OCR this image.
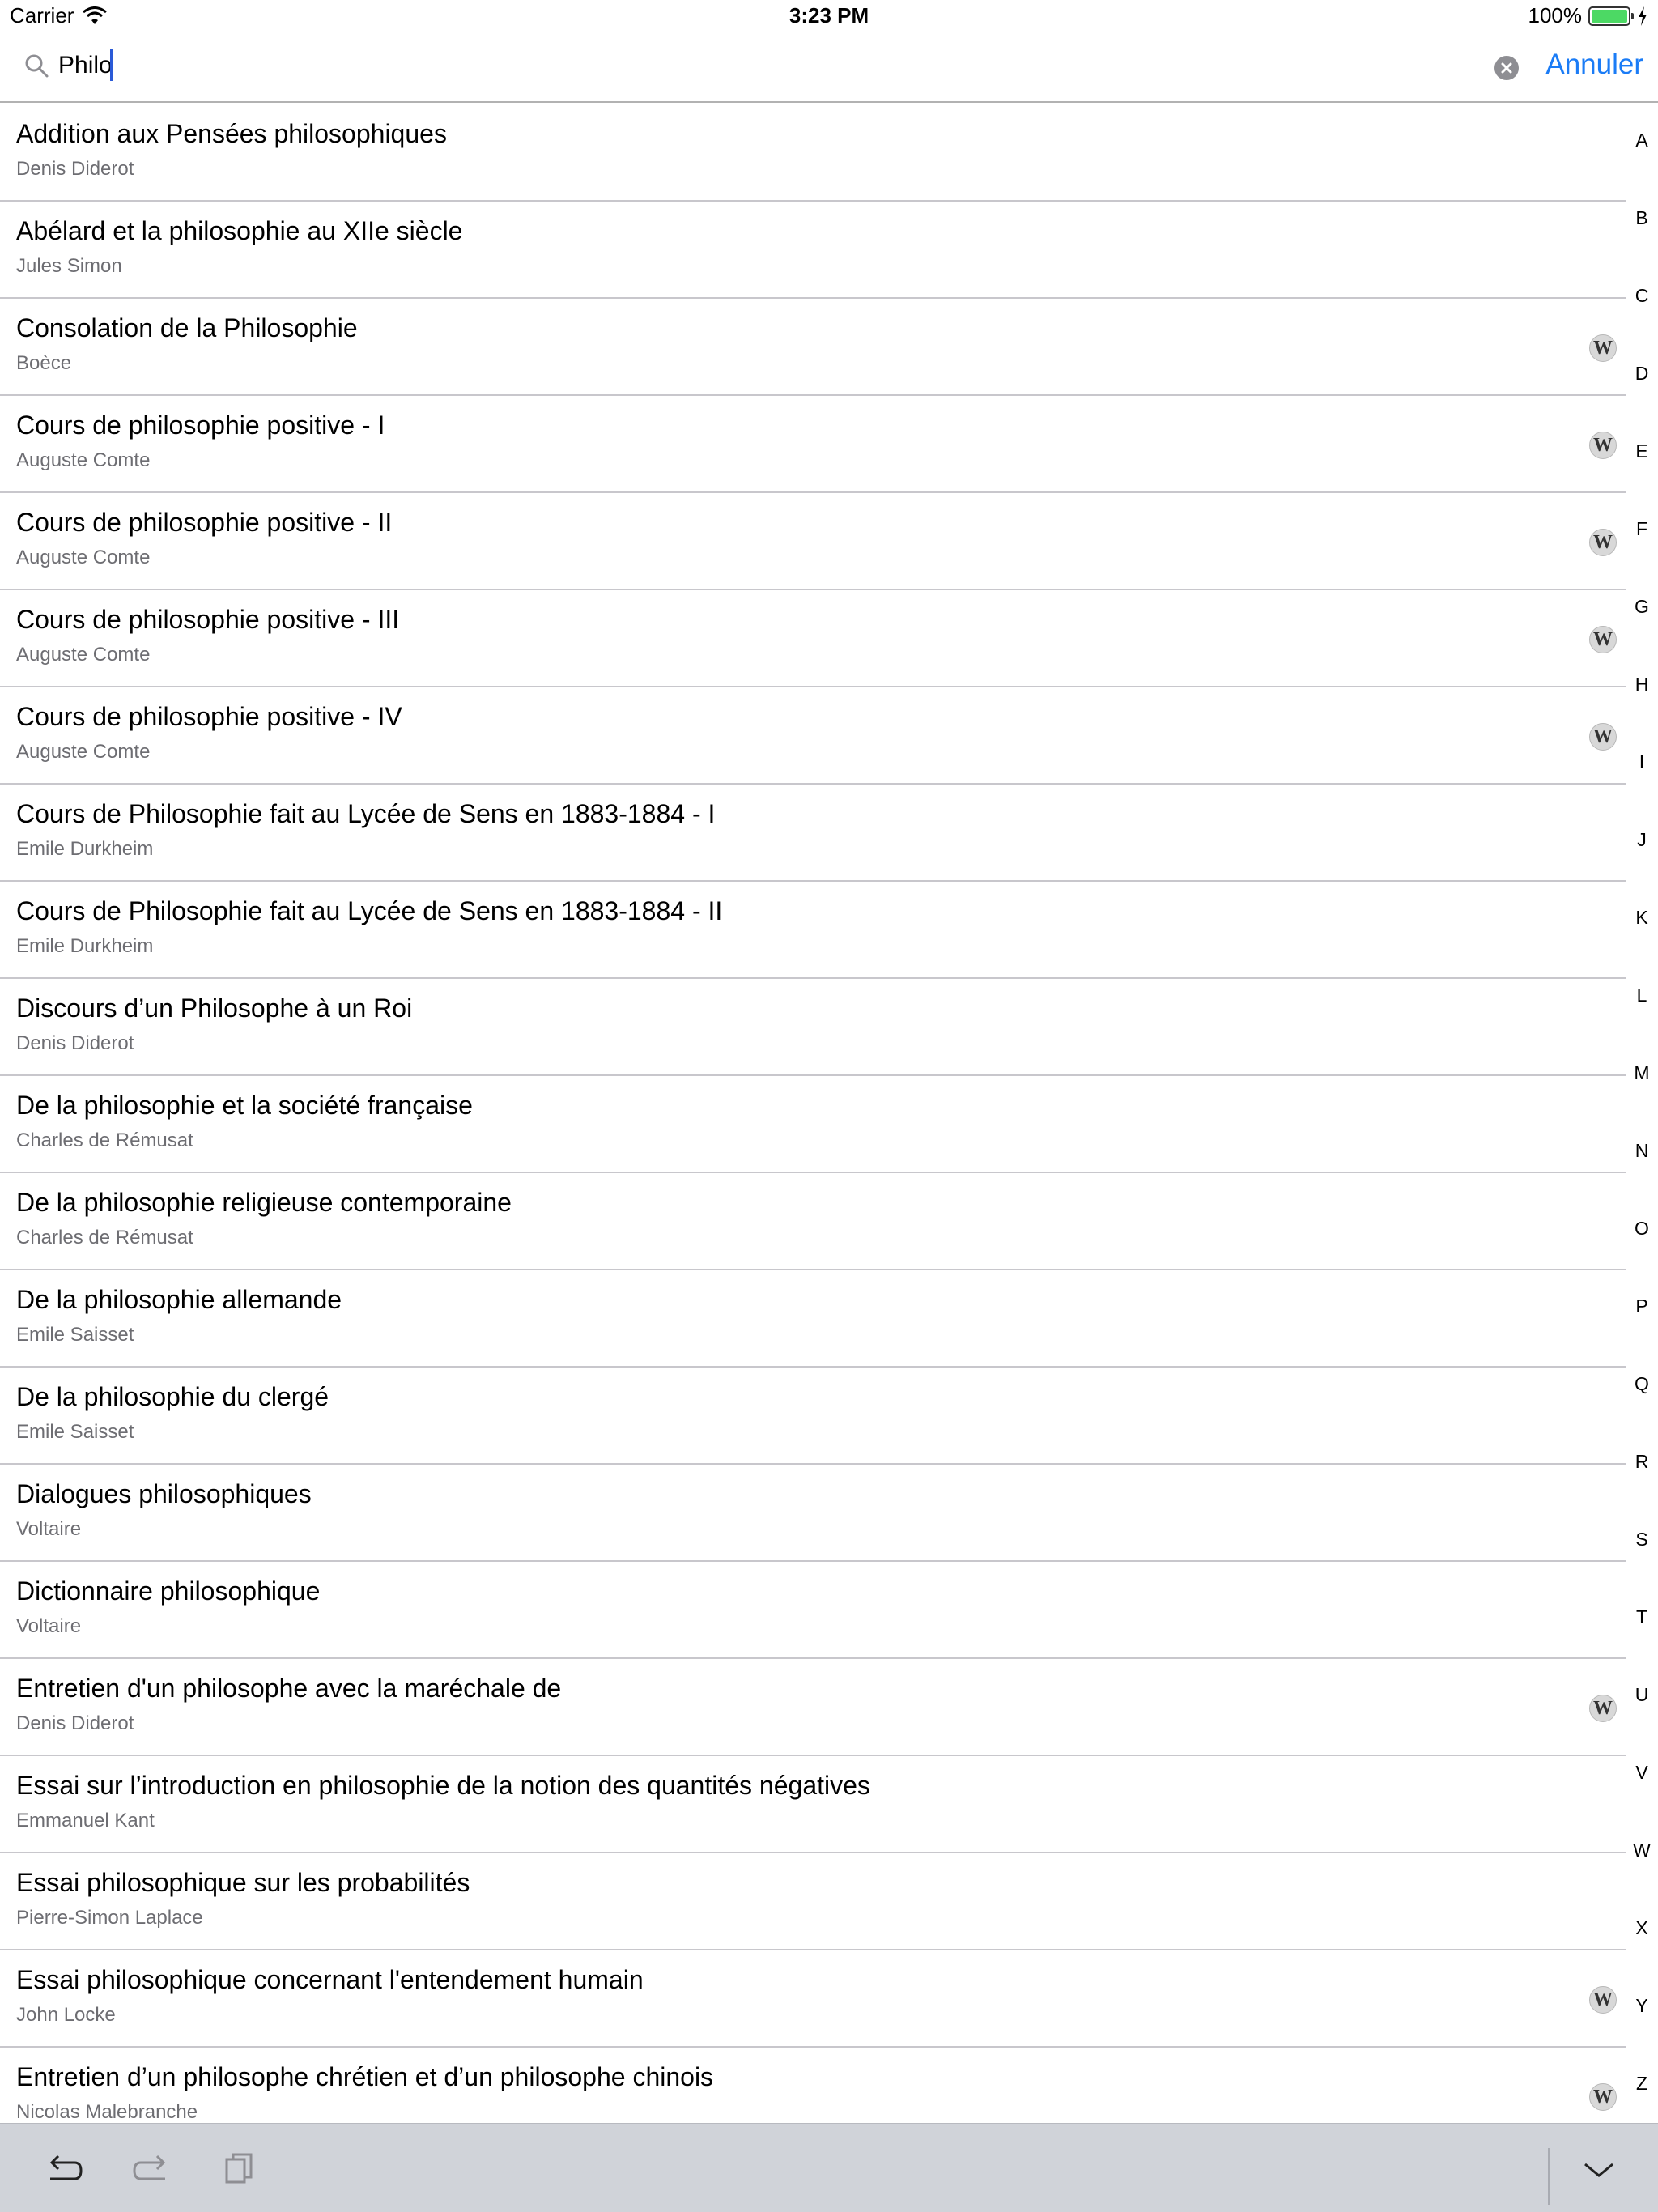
Carrier	3:23 PM	100%
Philo
Annuler
Addition aux Pensées philosophiques
Denis Diderot
Abélard et la philosophie au XIIe siècle
Jules Simon
Consolation de la Philosophie
Boèce
W
Cours de philosophie positive - I
Auguste Comte
W
Cours de philosophie positive - II
Auguste Comte
W
Cours de philosophie positive - III
Auguste Comte
W
Cours de philosophie positive - IV
Auguste Comte
W
Cours de Philosophie fait au Lycée de Sens en 1883-1884 - I
Emile Durkheim
Cours de Philosophie fait au Lycée de Sens en 1883-1884 - II
Emile Durkheim
Discours d’un Philosophe à un Roi
Denis Diderot
De la philosophie et la société française
Charles de Rémusat
De la philosophie religieuse contemporaine
Charles de Rémusat
De la philosophie allemande
Emile Saisset
De la philosophie du clergé
Emile Saisset
Dialogues philosophiques
Voltaire
Dictionnaire philosophique
Voltaire
Entretien d'un philosophe avec la maréchale de
Denis Diderot
W
Essai sur l’introduction en philosophie de la notion des quantités négatives
Emmanuel Kant
Essai philosophique sur les probabilités
Pierre-Simon Laplace
Essai philosophique concernant l'entendement humain
John Locke
W
Entretien d’un philosophe chrétien et d’un philosophe chinois
Nicolas Malebranche
W
A
B
C
D
E
F
G
H
I
J
K
L
M
N
O
P
Q
R
S
T
U
V
W
X
Y
Z
